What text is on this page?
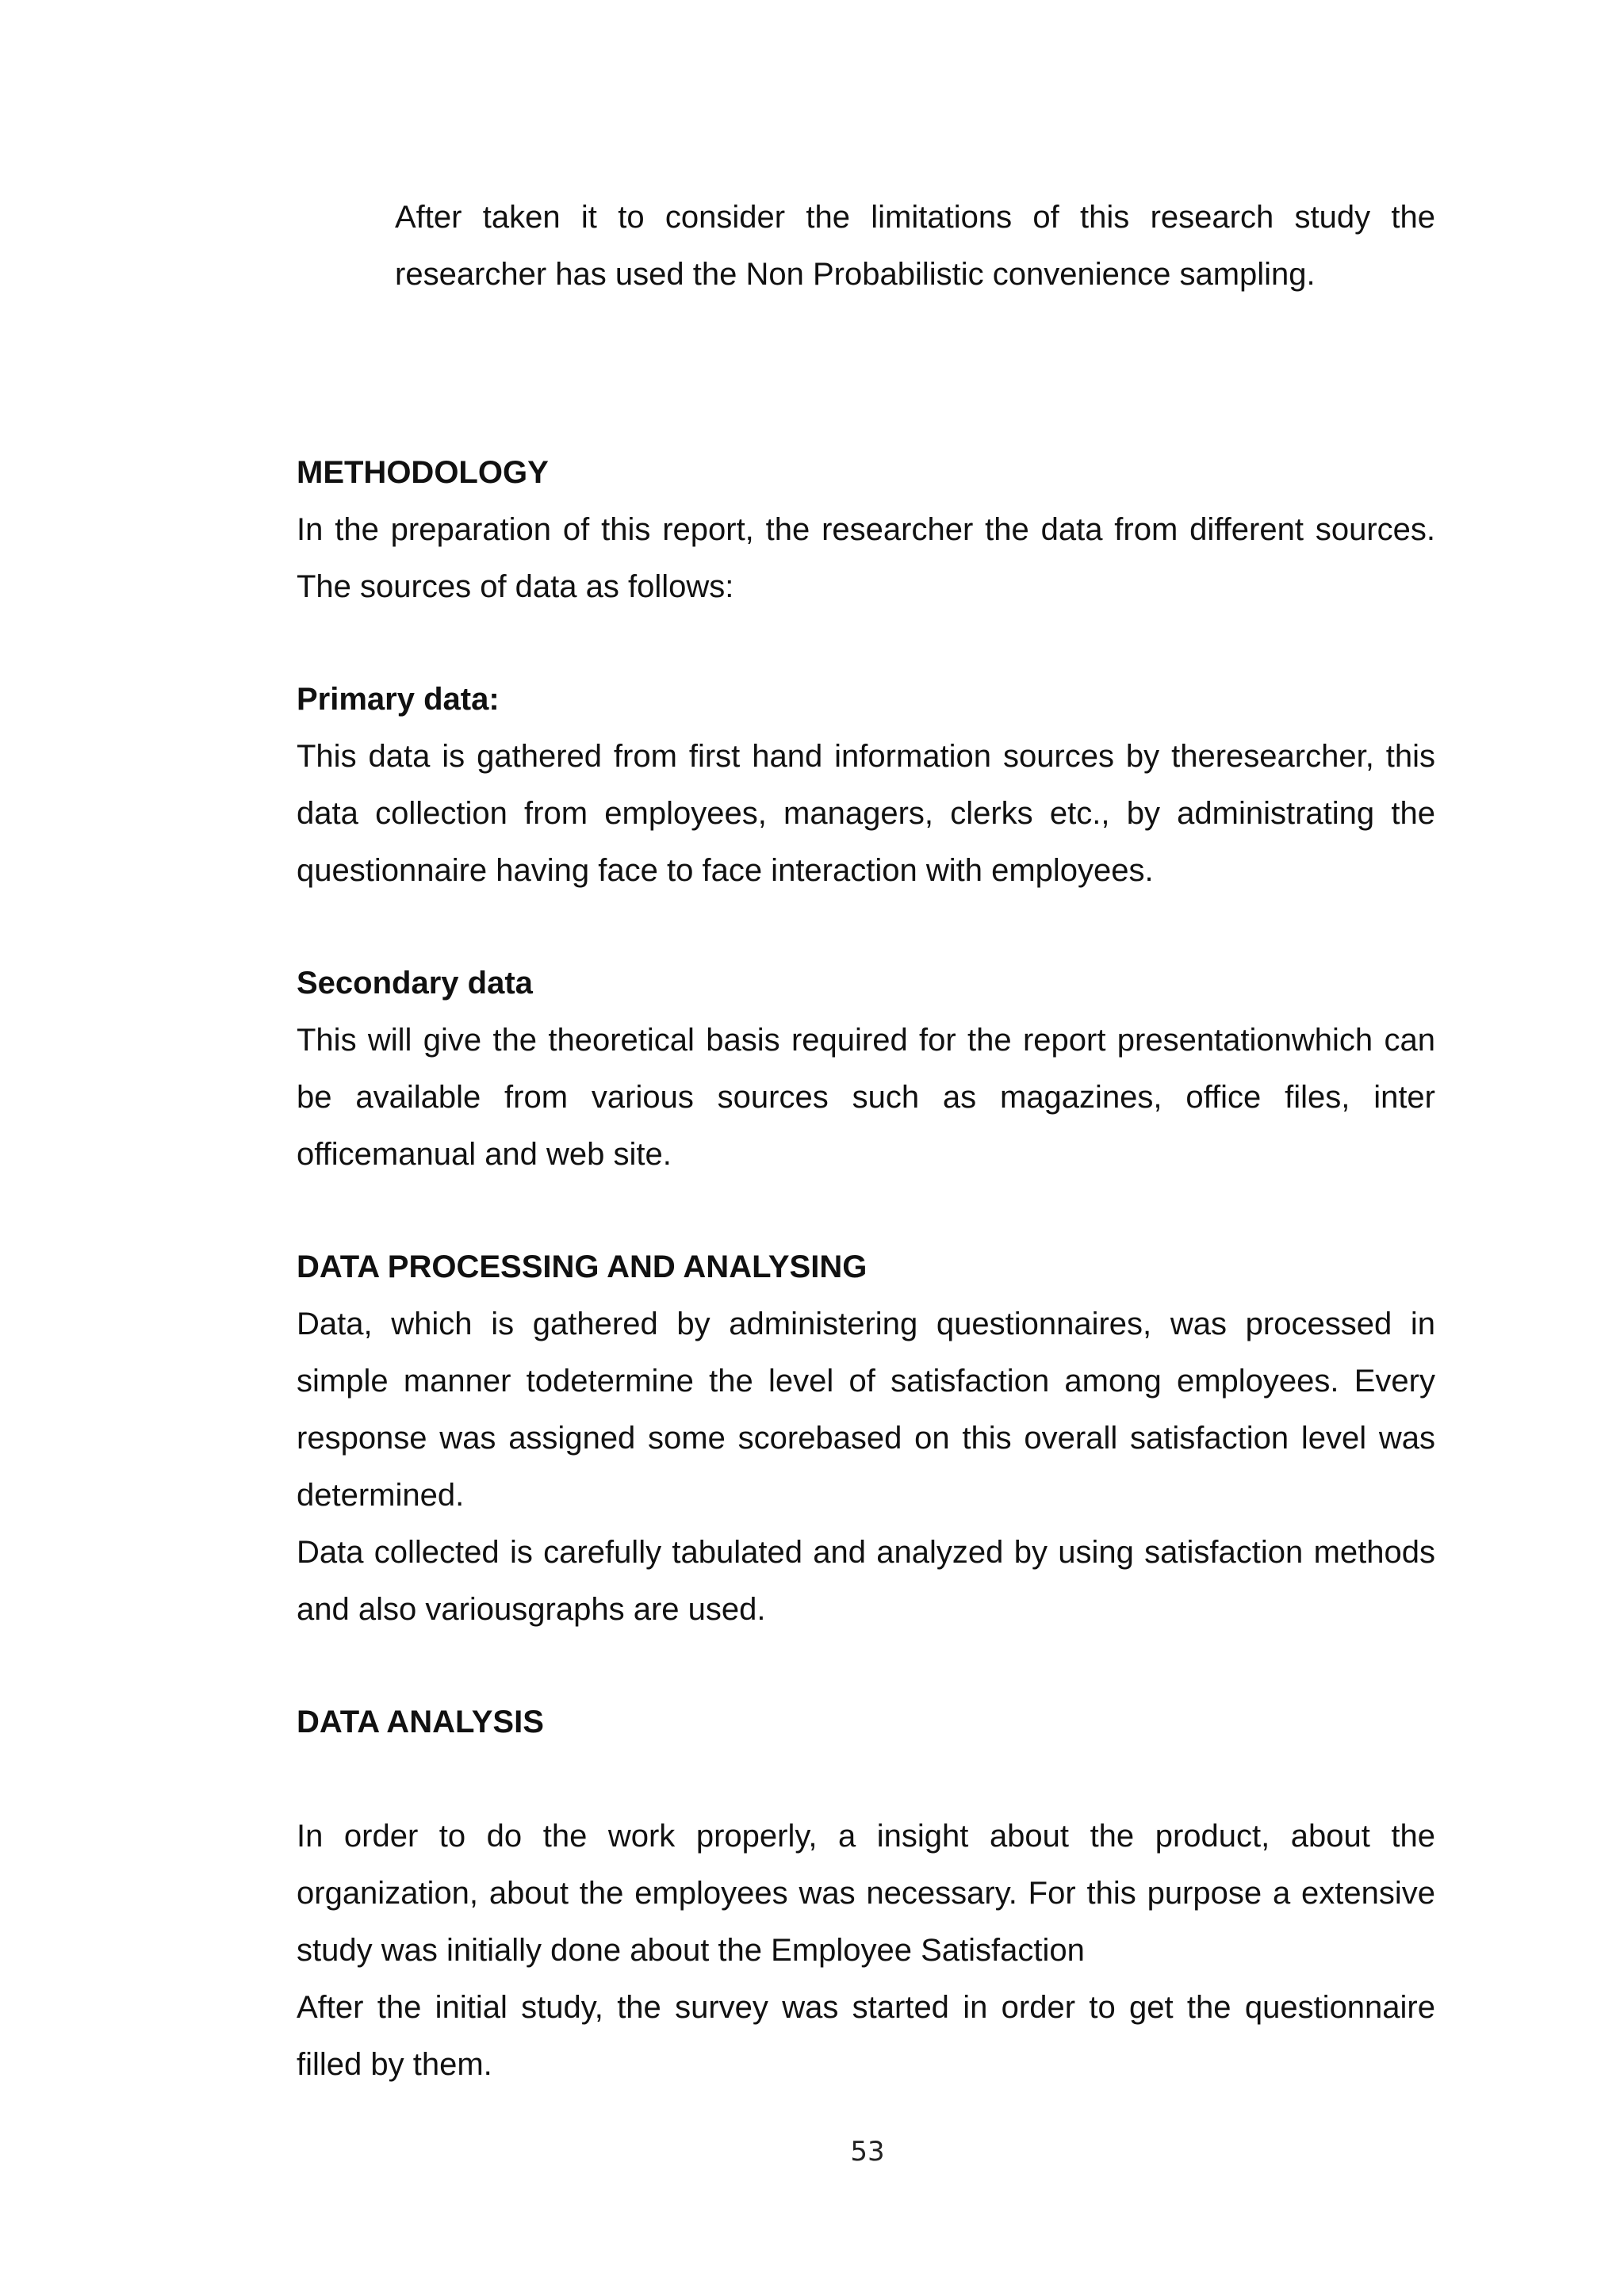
After taken it to consider the limitations of this research study the researcher has used the Non Probabilistic convenience sampling.

METHODOLOGY

In the preparation of this report, the researcher the data from different sources. The sources of data as follows:

Primary data:

This data is gathered from first hand information sources by theresearcher, this data collection from employees, managers, clerks etc., by administrating the questionnaire having face to face interaction with employees.

Secondary data

This will give the theoretical basis required for the report presentationwhich can be available from various sources such as magazines, office files, inter officemanual and web site.

DATA PROCESSING AND ANALYSING

Data, which is gathered by administering questionnaires, was processed in simple manner todetermine the level of satisfaction among employees. Every response was assigned some scorebased on this overall satisfaction level was determined.

Data collected is carefully tabulated and analyzed by using satisfaction methods and also variousgraphs are used.

DATA ANALYSIS

In order to do the work properly, a insight about the product, about the organization, about the employees was necessary. For this purpose a extensive study was initially done about the Employee Satisfaction

After the initial study, the survey was started in order to get the questionnaire filled by them.

53
